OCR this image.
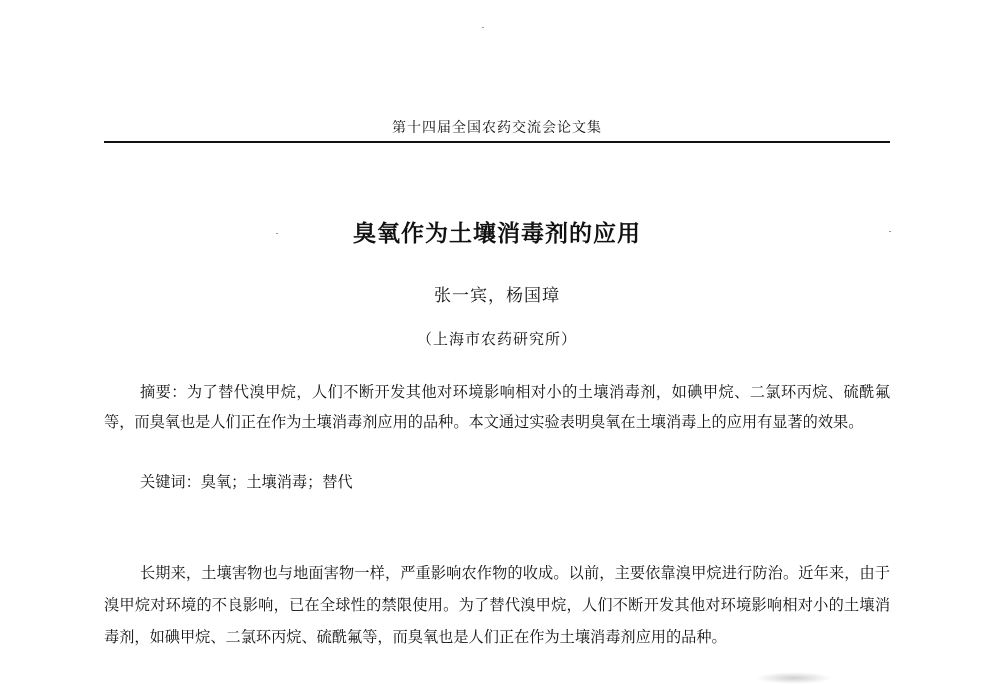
第十四届全国农药交流会论文集
臭氧作为土壤消毒剂的应用
张一宾，杨国璋
（上海市农药研究所）

摘要：为了替代溴甲烷，人们不断开发其他对环境影响相对小的土壤消毒剂，如碘甲烷、二氯环丙烷、硫酰氟等，而臭氧也是人们正在作为土壤消毒剂应用的品种。本文通过实验表明臭氧在土壤消毒上的应用有显著的效果。

关键词：臭氧；土壤消毒；替代

长期来，土壤害物也与地面害物一样，严重影响农作物的收成。以前，主要依靠溴甲烷进行防治。近年来，由于溴甲烷对环境的不良影响，已在全球性的禁限使用。为了替代溴甲烷，人们不断开发其他对环境影响相对小的土壤消毒剂，如碘甲烷、二氯环丙烷、硫酰氟等，而臭氧也是人们正在作为土壤消毒剂应用的品种。
